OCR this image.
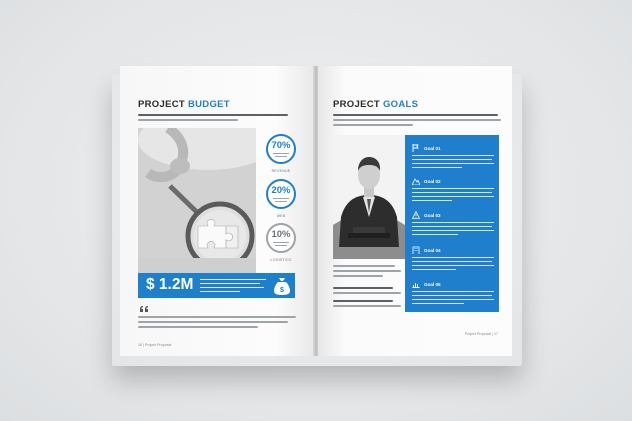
PROJECT BUDGET
70%
REVENUE
20%
WEB
10%
LOGISTICS
$ 1.2M	$
16 | Project Proposal
PROJECT GOALS
Goal 01
Goal 02
Goal 03
Goal 04
Goal 05
Project Proposal | 17
